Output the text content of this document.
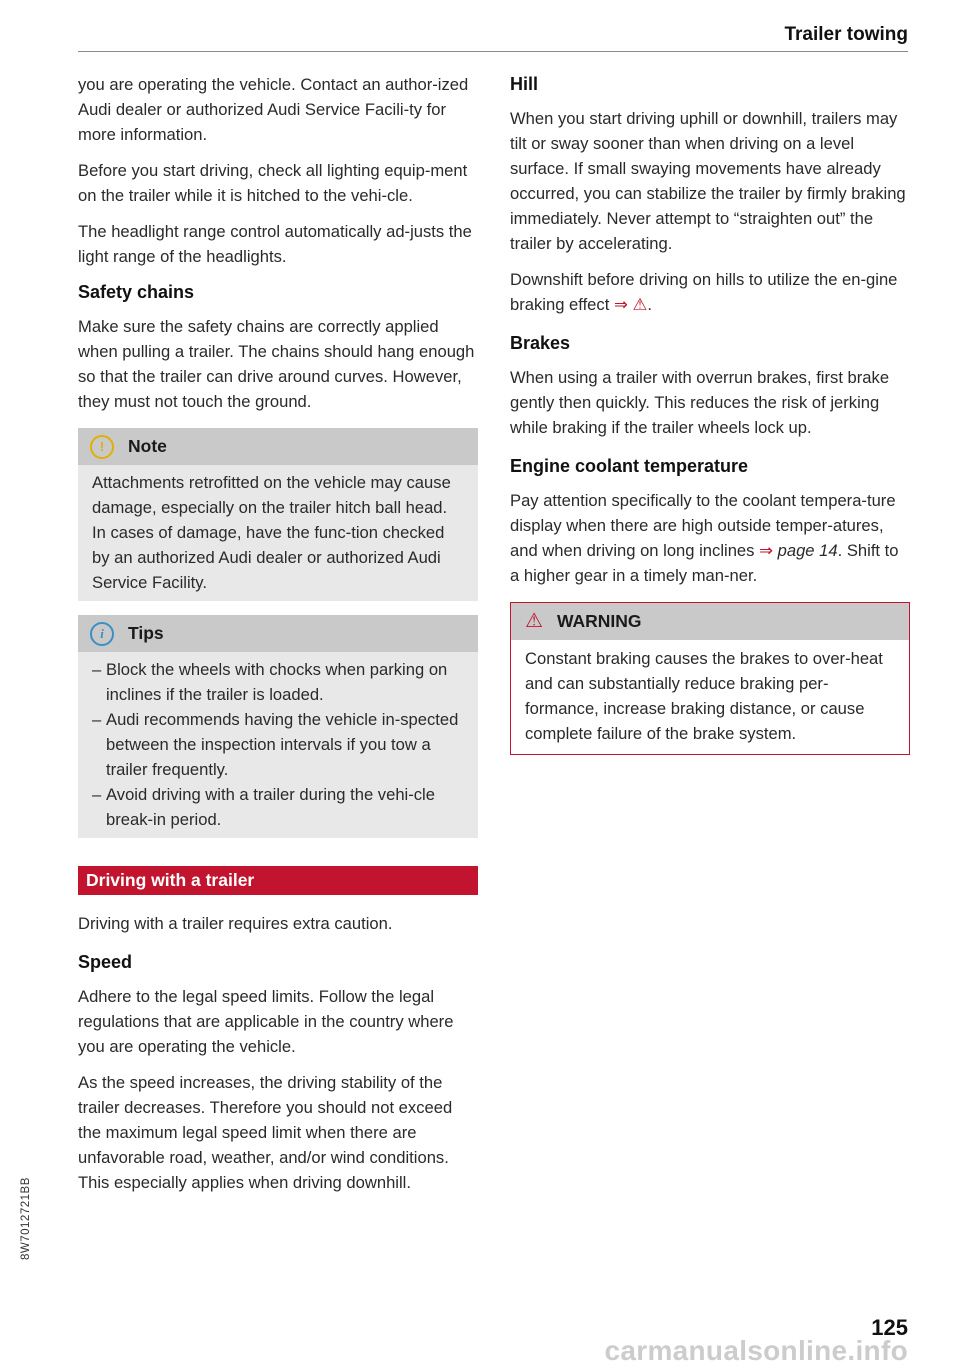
Trailer towing

you are operating the vehicle. Contact an author-ized Audi dealer or authorized Audi Service Facili-ty for more information.

Before you start driving, check all lighting equip-ment on the trailer while it is hitched to the vehi-cle.

The headlight range control automatically ad-justs the light range of the headlights.

Safety chains

Make sure the safety chains are correctly applied when pulling a trailer. The chains should hang enough so that the trailer can drive around curves. However, they must not touch the ground.

!	Note
Attachments retrofitted on the vehicle may cause damage, especially on the trailer hitch ball head. In cases of damage, have the func-tion checked by an authorized Audi dealer or authorized Audi Service Facility.
i	Tips
– Block the wheels with chocks when parking on inclines if the trailer is loaded.
– Audi recommends having the vehicle in-spected between the inspection intervals if you tow a trailer frequently.
– Avoid driving with a trailer during the vehi-cle break-in period.
Driving with a trailer

Driving with a trailer requires extra caution.

Speed

Adhere to the legal speed limits. Follow the legal regulations that are applicable in the country where you are operating the vehicle.

As the speed increases, the driving stability of the trailer decreases. Therefore you should not exceed the maximum legal speed limit when there are unfavorable road, weather, and/or wind conditions. This especially applies when driving downhill.

Hill

When you start driving uphill or downhill, trailers may tilt or sway sooner than when driving on a level surface. If small swaying movements have already occurred, you can stabilize the trailer by firmly braking immediately. Never attempt to “straighten out” the trailer by accelerating.

Downshift before driving on hills to utilize the en-gine braking effect ⇒ ⚠.

Brakes

When using a trailer with overrun brakes, first brake gently then quickly. This reduces the risk of jerking while braking if the trailer wheels lock up.

Engine coolant temperature

Pay attention specifically to the coolant tempera-ture display when there are high outside temper-atures, and when driving on long inclines ⇒ page 14. Shift to a higher gear in a timely man-ner.

⚠ WARNING
Constant braking causes the brakes to over-heat and can substantially reduce braking per-formance, increase braking distance, or cause complete failure of the brake system.
8W7012721BB
125
carmanualsonline.info
